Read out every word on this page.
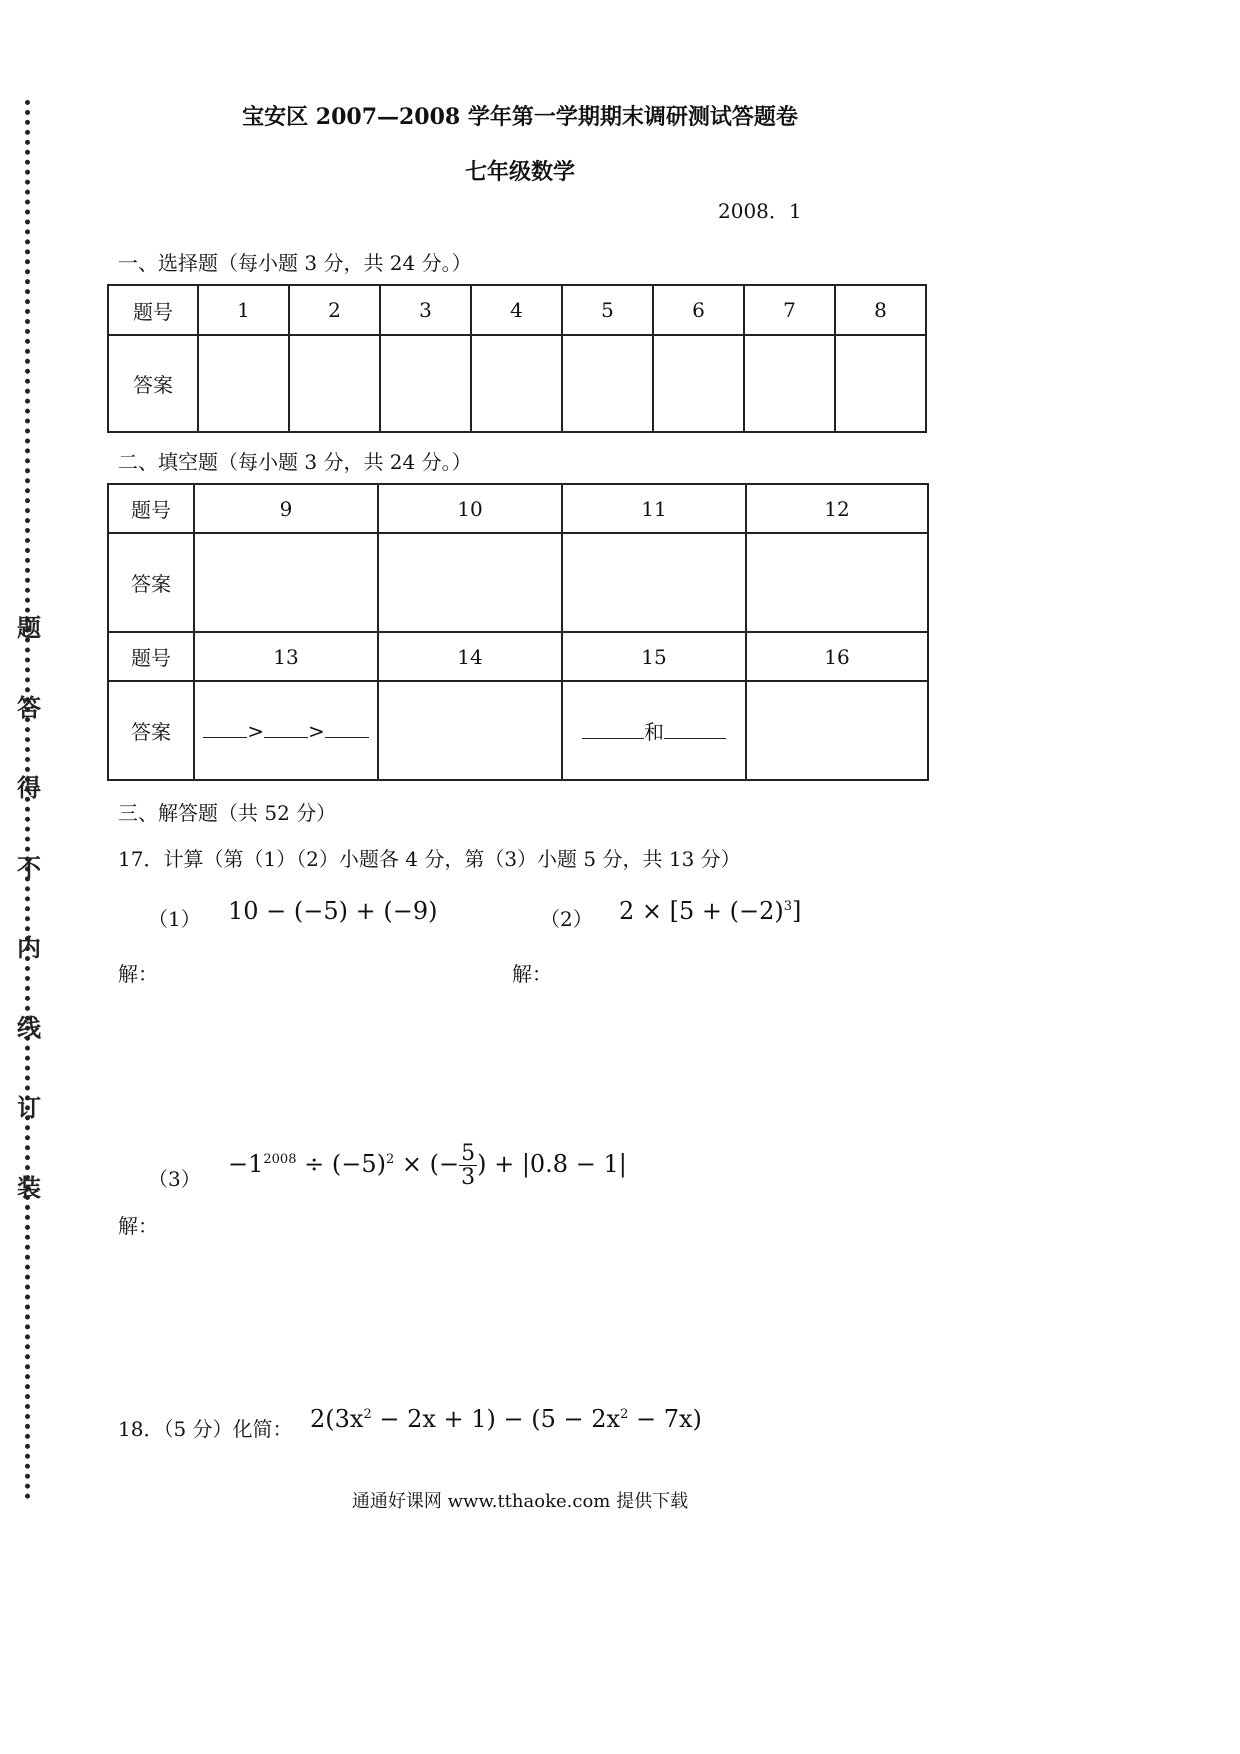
题
答
得
不
内
线
订
装
宝安区 2007—2008 学年第一学期期末调研测试答题卷
七年级数学
2008．1
一、选择题（每小题 3 分，共 24 分。）
题号	1	2	3	4	5	6	7	8
答案								
二、填空题（每小题 3 分，共 24 分。）
题号	9	10	11	12
答案				
题号	13	14	15	16
答案	> >		和	
三、解答题（共 52 分）
17．计算（第（1）（2）小题各 4 分，第（3）小题 5 分，共 13 分）
（1） 10 − (−5) + (−9)	（2） $2 \times [5 + (-2)^3]$
解：	解：
（3）
$-1^{2008} \div (-5)^2$ × (− $\frac{5}{3}$ ) + |0.8 − 1|
解：
18．（5 分）化简： $2(3x^2 - 2x + 1) - (5 - 2x^2 - 7x)$
通通好课网 www.tthaoke.com 提供下载
